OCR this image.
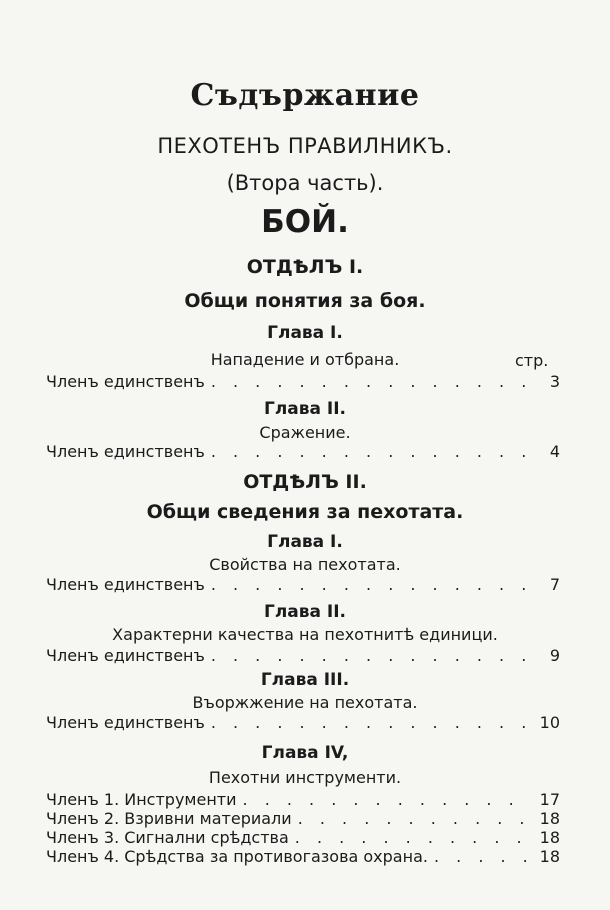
Съдържание
ПЕХОТЕНЪ ПРАВИЛНИКЪ.
(Втора часть).
БОЙ.
ОТДѢЛЪ I.
Общи понятия за боя.
Глава I.
Нападение и отбрана.	стр.
Членъ единственъ . . .	3
Глава II.
Сражение.
Членъ единственъ . . .	4
ОТДѢЛЪ II.
Общи сведения за пехотата.
Глава I.
Свойства на пехотата.
Членъ единственъ . . .	7
Глава II.
Характерни качества на пехотнитѣ единици.
Членъ единственъ . . .	9
Глава III.
Въоржжение на пехотата.
Членъ единственъ . . .	10
Глава IV,
Пехотни инструменти.
Членъ 1. Инструменти . . .	17
Членъ 2. Взривни материали . . .	18
Членъ 3. Сигнални срѣдства . . .	18
Членъ 4. Срѣдства за противогазова охрана. . . .	18
